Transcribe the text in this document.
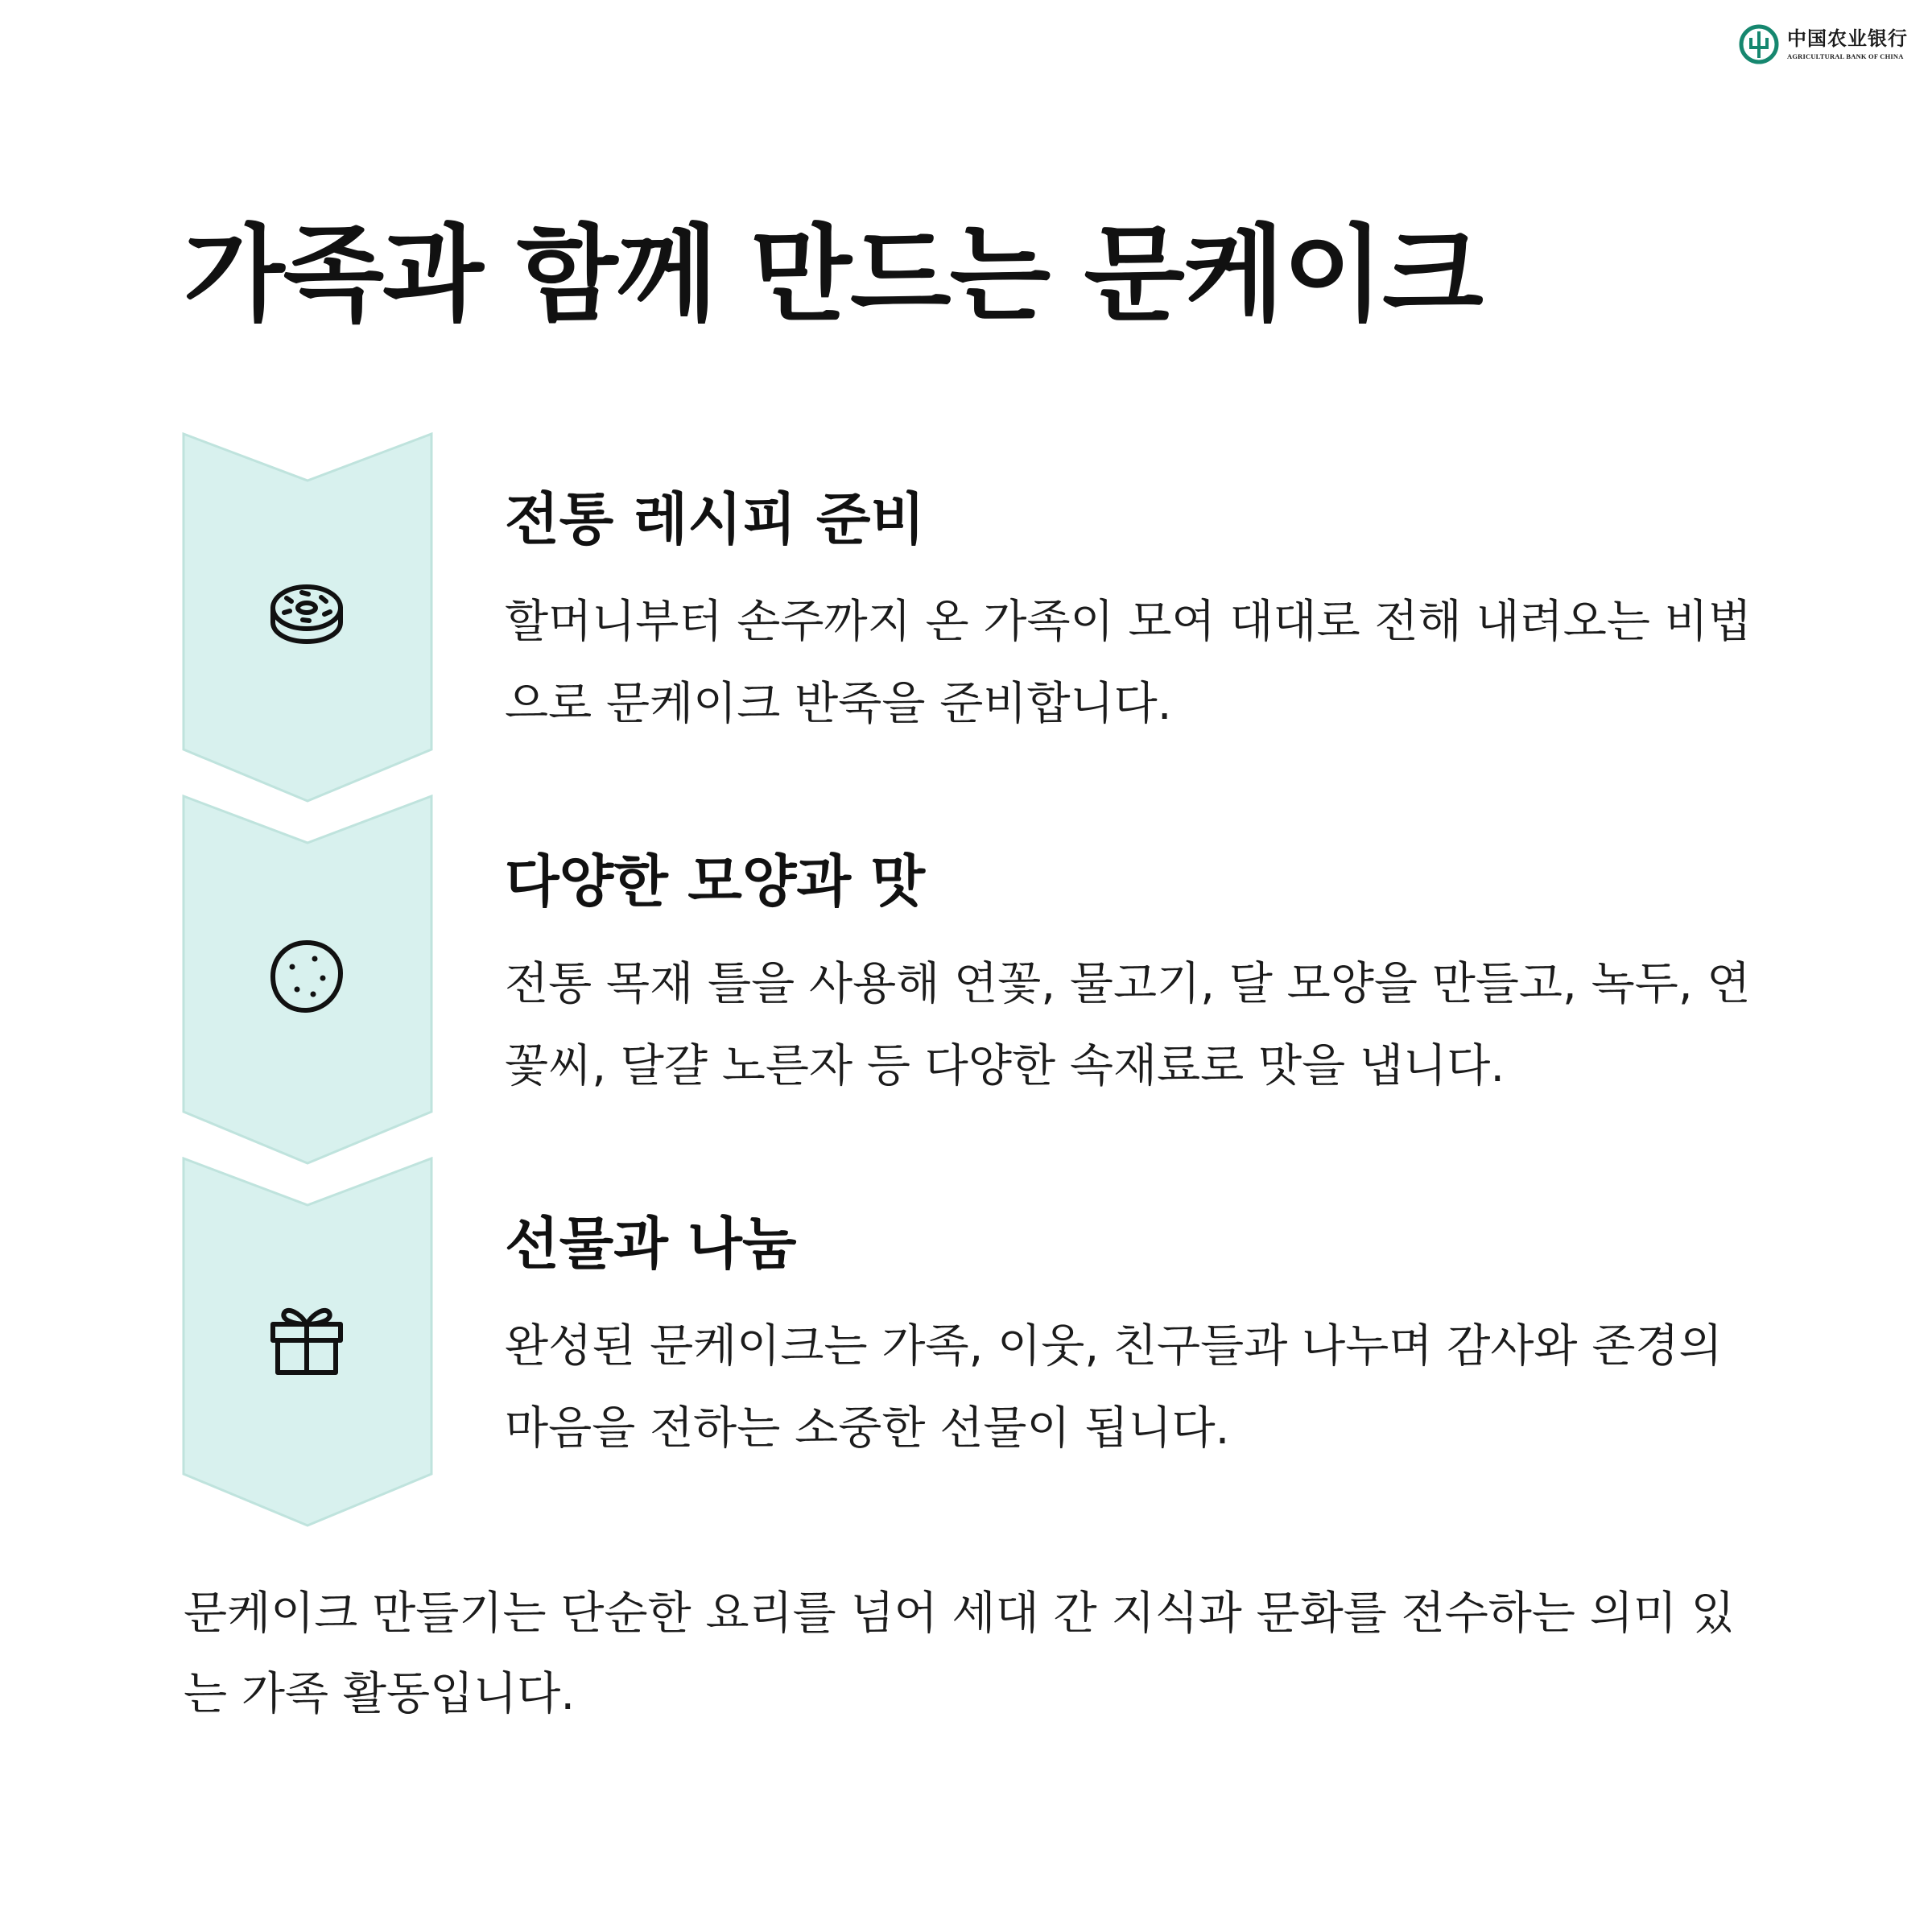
中国农业银行
AGRICULTURAL BANK OF CHINA
가족과 함께 만드는 문케이크
전통 레시피 준비

할머니부터 손주까지 온 가족이 모여 대대로 전해 내려오는 비법으로 문케이크 반죽을 준비합니다.

다양한 모양과 맛

전통 목재 틀을 사용해 연꽃, 물고기, 달 모양을 만들고, 녹두, 연꽃씨, 달걀 노른자 등 다양한 속재료로 맛을 냅니다.

선물과 나눔

완성된 문케이크는 가족, 이웃, 친구들과 나누며 감사와 존경의 마음을 전하는 소중한 선물이 됩니다.

문케이크 만들기는 단순한 요리를 넘어 세대 간 지식과 문화를 전수하는 의미 있는 가족 활동입니다.
